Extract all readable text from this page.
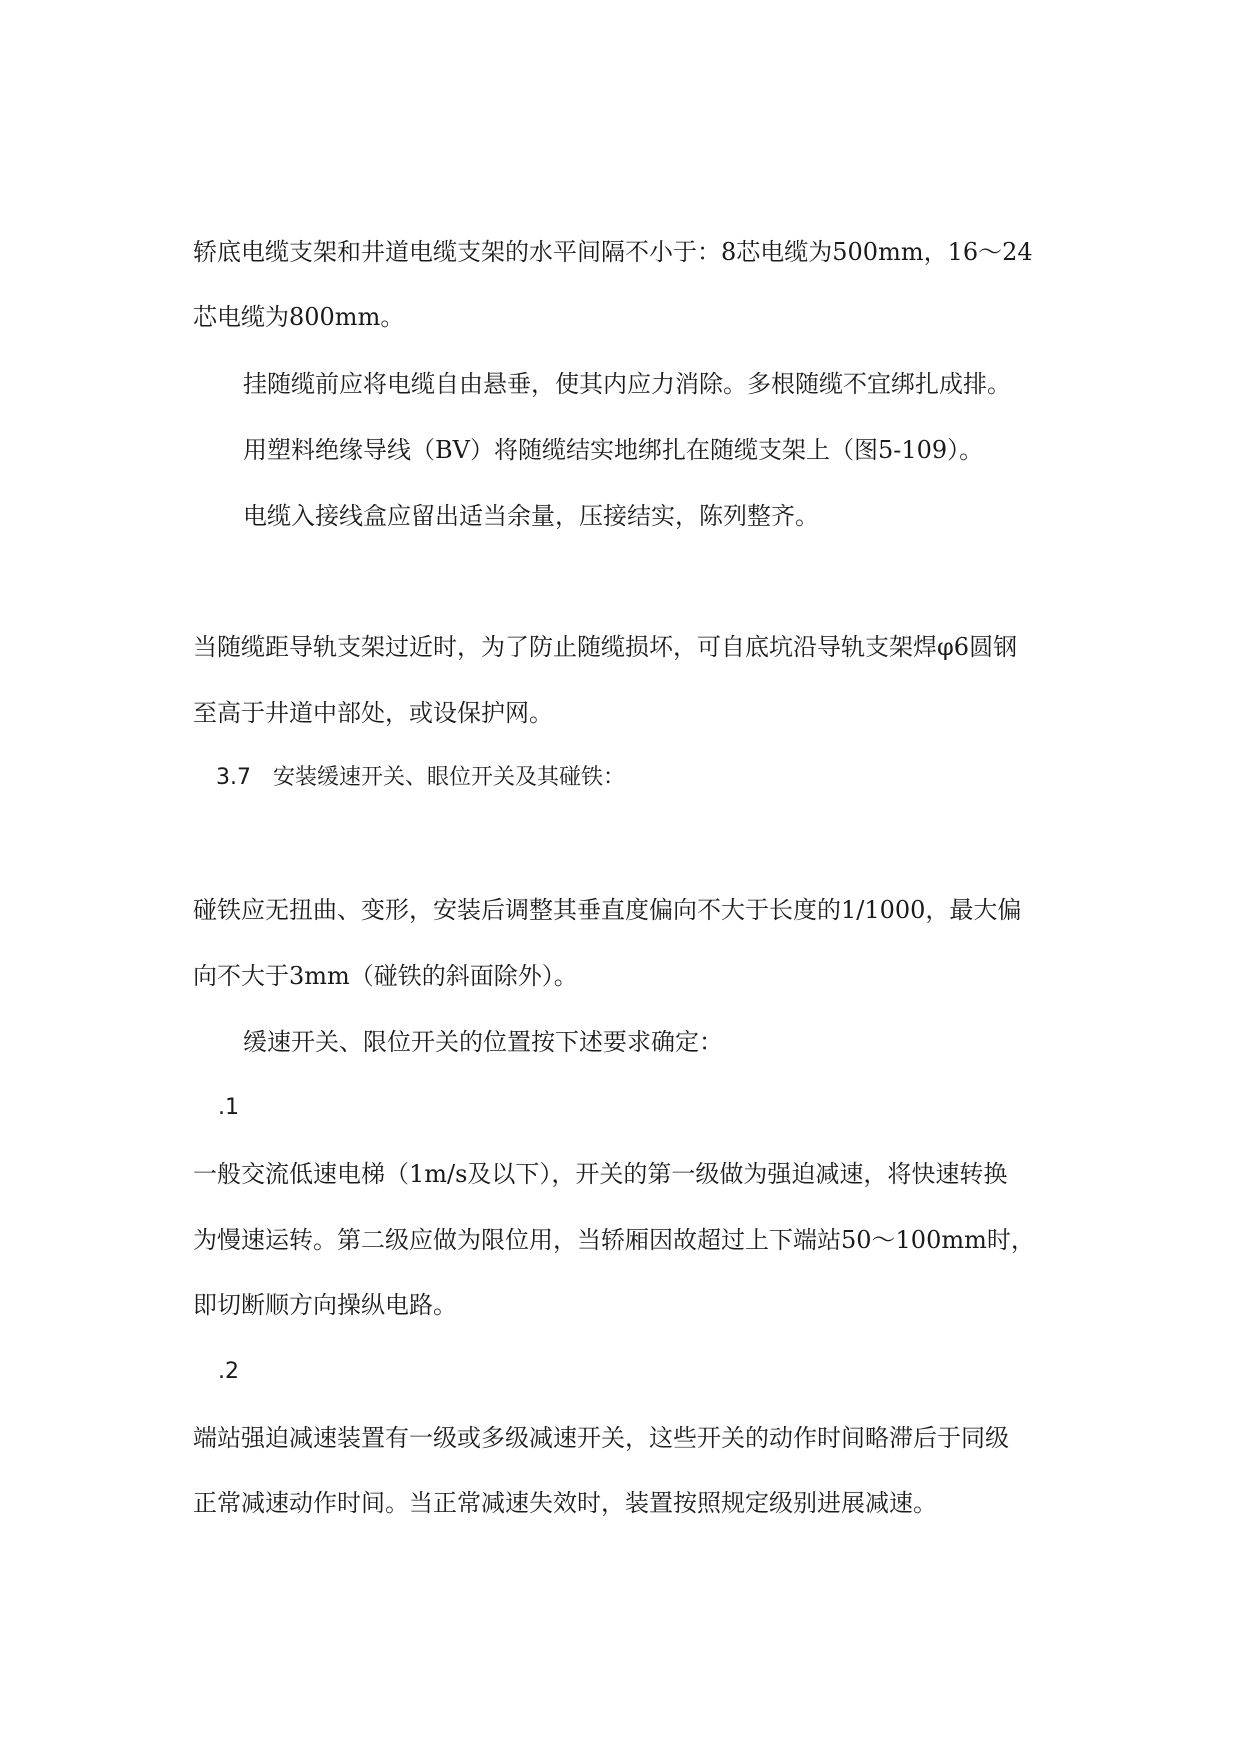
轿底电缆支架和井道电缆支架的水平间隔不小于：8芯电缆为500mm，16～24
芯电缆为800mm。
挂随缆前应将电缆自由悬垂，使其内应力消除。多根随缆不宜绑扎成排。
用塑料绝缘导线（BV）将随缆结实地绑扎在随缆支架上（图5-109）。
电缆入接线盒应留出适当余量，压接结实，陈列整齐。
当随缆距导轨支架过近时，为了防止随缆损坏，可自底坑沿导轨支架焊φ6圆钢
至高于井道中部处，或设保护网。
3.7　安装缓速开关、眼位开关及其碰铁：
碰铁应无扭曲、变形，安装后调整其垂直度偏向不大于长度的1/1000，最大偏
向不大于3mm（碰铁的斜面除外）。
缓速开关、限位开关的位置按下述要求确定：
.1
一般交流低速电梯（1m/s及以下），开关的第一级做为强迫减速，将快速转换
为慢速运转。第二级应做为限位用，当轿厢因故超过上下端站50～100mm时，
即切断顺方向操纵电路。
.2
端站强迫减速装置有一级或多级减速开关，这些开关的动作时间略滞后于同级
正常减速动作时间。当正常减速失效时，装置按照规定级别进展减速。
